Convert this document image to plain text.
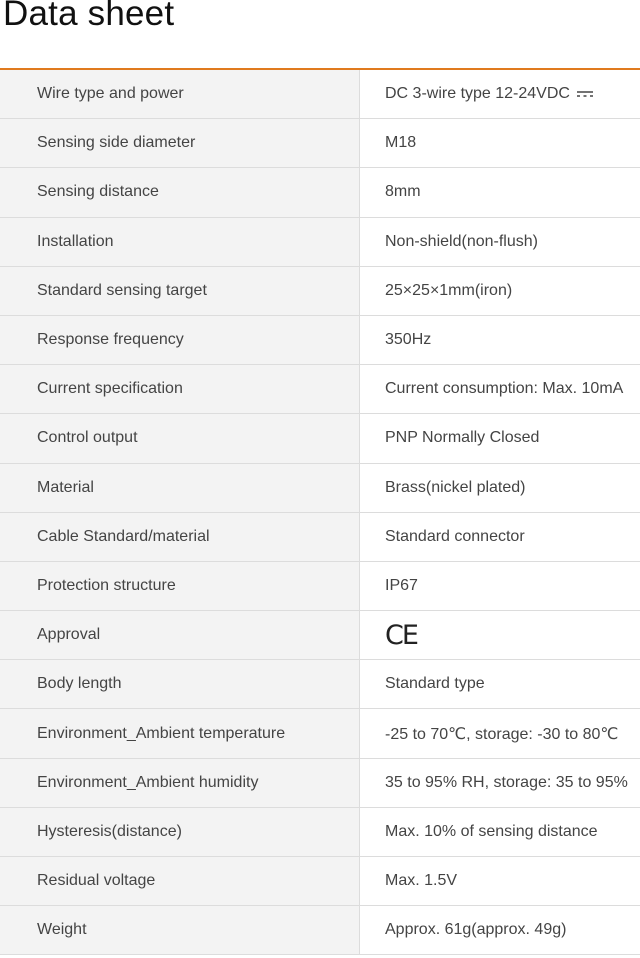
Data sheet
Wire type and power	DC 3-wire type 12-24VDC
Sensing side diameter	M18
Sensing distance	8mm
Installation	Non-shield(non-flush)
Standard sensing target	25×25×1mm(iron)
Response frequency	350Hz
Current specification	Current consumption: Max. 10mA
Control output	PNP Normally Closed
Material	Brass(nickel plated)
Cable Standard/material	Standard connector
Protection structure	IP67
Approval	CE
Body length	Standard type
Environment_Ambient temperature	-25 to 70℃, storage: -30 to 80℃
Environment_Ambient humidity	35 to 95% RH, storage: 35 to 95%
Hysteresis(distance)	Max. 10% of sensing distance
Residual voltage	Max. 1.5V
Weight	Approx. 61g(approx. 49g)
